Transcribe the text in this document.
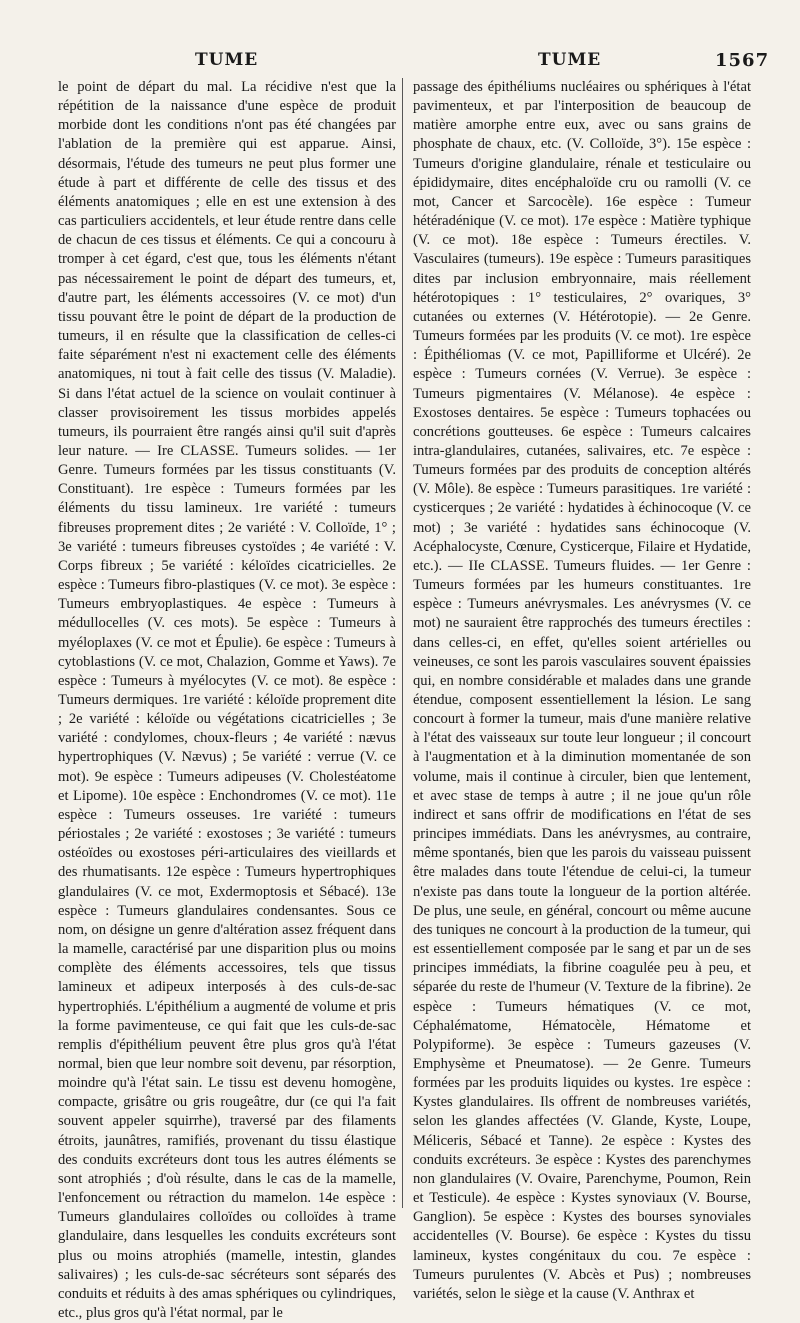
TUME	TUME	1567

le point de départ du mal. La récidive n'est que la répétition de la naissance d'une espèce de produit morbide dont les conditions n'ont pas été changées par l'ablation de la première qui est apparue. Ainsi, désormais, l'étude des tumeurs ne peut plus former une étude à part et différente de celle des tissus et des éléments anatomiques ; elle en est une extension à des cas particuliers accidentels, et leur étude rentre dans celle de chacun de ces tissus et éléments. Ce qui a concouru à tromper à cet égard, c'est que, tous les éléments n'étant pas nécessairement le point de départ des tumeurs, et, d'autre part, les éléments accessoires (V. ce mot) d'un tissu pouvant être le point de départ de la production de tumeurs, il en résulte que la classification de celles-ci faite séparément n'est ni exactement celle des éléments anatomiques, ni tout à fait celle des tissus (V. Maladie). Si dans l'état actuel de la science on voulait continuer à classer provisoirement les tissus morbides appelés tumeurs, ils pourraient être rangés ainsi qu'il suit d'après leur nature. — Ire CLASSE. Tumeurs solides. — 1er Genre. Tumeurs formées par les tissus constituants (V. Constituant). 1re espèce : Tumeurs formées par les éléments du tissu lamineux. 1re variété : tumeurs fibreuses proprement dites ; 2e variété : V. Colloïde, 1° ; 3e variété : tumeurs fibreuses cystoïdes ; 4e variété : V. Corps fibreux ; 5e variété : kéloïdes cicatricielles. 2e espèce : Tumeurs fibro-plastiques (V. ce mot). 3e espèce : Tumeurs embryoplastiques. 4e espèce : Tumeurs à médullocelles (V. ces mots). 5e espèce : Tumeurs à myéloplaxes (V. ce mot et Épulie). 6e espèce : Tumeurs à cytoblastions (V. ce mot, Chalazion, Gomme et Yaws). 7e espèce : Tumeurs à myélocytes (V. ce mot). 8e espèce : Tumeurs dermiques. 1re variété : kéloïde proprement dite ; 2e variété : kéloïde ou végétations cicatricielles ; 3e variété : condylomes, choux-fleurs ; 4e variété : nævus hypertrophiques (V. Nævus) ; 5e variété : verrue (V. ce mot). 9e espèce : Tumeurs adipeuses (V. Cholestéatome et Lipome). 10e espèce : Enchondromes (V. ce mot). 11e espèce : Tumeurs osseuses. 1re variété : tumeurs périostales ; 2e variété : exostoses ; 3e variété : tumeurs ostéoïdes ou exostoses péri-articulaires des vieillards et des rhumatisants. 12e espèce : Tumeurs hypertrophiques glandulaires (V. ce mot, Exdermoptosis et Sébacé). 13e espèce : Tumeurs glandulaires condensantes. Sous ce nom, on désigne un genre d'altération assez fréquent dans la mamelle, caractérisé par une disparition plus ou moins complète des éléments accessoires, tels que tissus lamineux et adipeux interposés à des culs-de-sac hypertrophiés. L'épithélium a augmenté de volume et pris la forme pavimenteuse, ce qui fait que les culs-de-sac remplis d'épithélium peuvent être plus gros qu'à l'état normal, bien que leur nombre soit devenu, par résorption, moindre qu'à l'état sain. Le tissu est devenu homogène, compacte, grisâtre ou gris rougeâtre, dur (ce qui l'a fait souvent appeler squirrhe), traversé par des filaments étroits, jaunâtres, ramifiés, provenant du tissu élastique des conduits excréteurs dont tous les autres éléments se sont atrophiés ; d'où résulte, dans le cas de la mamelle, l'enfoncement ou rétraction du mamelon. 14e espèce : Tumeurs glandulaires colloïdes ou colloïdes à trame glandulaire, dans lesquelles les conduits excréteurs sont plus ou moins atrophiés (mamelle, intestin, glandes salivaires) ; les culs-de-sac sécréteurs sont séparés des conduits et réduits à des amas sphériques ou cylindriques, etc., plus gros qu'à l'état normal, par le

passage des épithéliums nucléaires ou sphériques à l'état pavimenteux, et par l'interposition de beaucoup de matière amorphe entre eux, avec ou sans grains de phosphate de chaux, etc. (V. Colloïde, 3°). 15e espèce : Tumeurs d'origine glandulaire, rénale et testiculaire ou épididymaire, dites encéphaloïde cru ou ramolli (V. ce mot, Cancer et Sarcocèle). 16e espèce : Tumeur hétéradénique (V. ce mot). 17e espèce : Matière typhique (V. ce mot). 18e espèce : Tumeurs érectiles. V. Vasculaires (tumeurs). 19e espèce : Tumeurs parasitiques dites par inclusion embryonnaire, mais réellement hétérotopiques : 1° testiculaires, 2° ovariques, 3° cutanées ou externes (V. Hétérotopie). — 2e Genre. Tumeurs formées par les produits (V. ce mot). 1re espèce : Épithéliomas (V. ce mot, Papilliforme et Ulcéré). 2e espèce : Tumeurs cornées (V. Verrue). 3e espèce : Tumeurs pigmentaires (V. Mélanose). 4e espèce : Exostoses dentaires. 5e espèce : Tumeurs tophacées ou concrétions goutteuses. 6e espèce : Tumeurs calcaires intra-glandulaires, cutanées, salivaires, etc. 7e espèce : Tumeurs formées par des produits de conception altérés (V. Môle). 8e espèce : Tumeurs parasitiques. 1re variété : cysticerques ; 2e variété : hydatides à échinocoque (V. ce mot) ; 3e variété : hydatides sans échinocoque (V. Acéphalocyste, Cœnure, Cysticerque, Filaire et Hydatide, etc.). — IIe CLASSE. Tumeurs fluides. — 1er Genre : Tumeurs formées par les humeurs constituantes. 1re espèce : Tumeurs anévrysmales. Les anévrysmes (V. ce mot) ne sauraient être rapprochés des tumeurs érectiles : dans celles-ci, en effet, qu'elles soient artérielles ou veineuses, ce sont les parois vasculaires souvent épaissies qui, en nombre considérable et malades dans une grande étendue, composent essentiellement la lésion. Le sang concourt à former la tumeur, mais d'une manière relative à l'état des vaisseaux sur toute leur longueur ; il concourt à l'augmentation et à la diminution momentanée de son volume, mais il continue à circuler, bien que lentement, et avec stase de temps à autre ; il ne joue qu'un rôle indirect et sans offrir de modifications en l'état de ses principes immédiats. Dans les anévrysmes, au contraire, même spontanés, bien que les parois du vaisseau puissent être malades dans toute l'étendue de celui-ci, la tumeur n'existe pas dans toute la longueur de la portion altérée. De plus, une seule, en général, concourt ou même aucune des tuniques ne concourt à la production de la tumeur, qui est essentiellement composée par le sang et par un de ses principes immédiats, la fibrine coagulée peu à peu, et séparée du reste de l'humeur (V. Texture de la fibrine). 2e espèce : Tumeurs hématiques (V. ce mot, Céphalématome, Hématocèle, Hématome et Polypiforme). 3e espèce : Tumeurs gazeuses (V. Emphysème et Pneumatose). — 2e Genre. Tumeurs formées par les produits liquides ou kystes. 1re espèce : Kystes glandulaires. Ils offrent de nombreuses variétés, selon les glandes affectées (V. Glande, Kyste, Loupe, Méliceris, Sébacé et Tanne). 2e espèce : Kystes des conduits excréteurs. 3e espèce : Kystes des parenchymes non glandulaires (V. Ovaire, Parenchyme, Poumon, Rein et Testicule). 4e espèce : Kystes synoviaux (V. Bourse, Ganglion). 5e espèce : Kystes des bourses synoviales accidentelles (V. Bourse). 6e espèce : Kystes du tissu lamineux, kystes congénitaux du cou. 7e espèce : Tumeurs purulentes (V. Abcès et Pus) ; nombreuses variétés, selon le siège et la cause (V. Anthrax et
